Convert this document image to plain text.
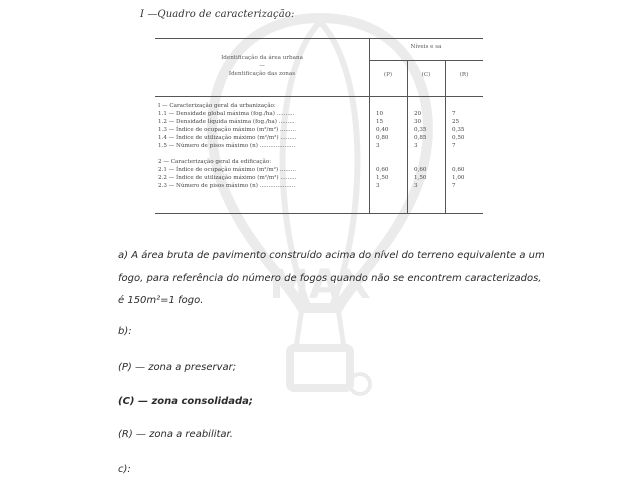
MAX
I —Quadro de caracterização:
Identificação da área urbana
—
Identificação das zonas
Níveis e sa
(P)	(C)	(R)
I — Caracterização geral da urbanização:
1.1 — Densidade global máxima (fog./ha) ..........	10	20	7
1.2 — Densidade líquida máxima (fog./ha) .........	15	30	25
1.3 — Índice de ocupação máximo (m²/m²) .........	0,40	0,35	0,35
1.4 — Índice de utilização máximo (m²/m²) .........	0,80	0,85	0,50
1.5 — Número de pisos máximo (n) ....................	3	3	7
2 — Caracterização geral da edificação:
2.1 — Índice de ocupação máximo (m²/m²) .........	0,60	0,60	0,60
2.2 — Índice de utilização máximo (m²/m²) .........	1,50	1,50	1,00
2.3 — Número de pisos máximo (n) ....................	3	3	7
a) A área bruta de pavimento construído acima do nível do terreno equivalente a um
fogo, para referência do número de fogos quando não se encontrem caracterizados,
é 150m²=1 fogo.
b):
(P) — zona a preservar;
(C) — zona consolidada;
(R) — zona a reabilitar.
c):
